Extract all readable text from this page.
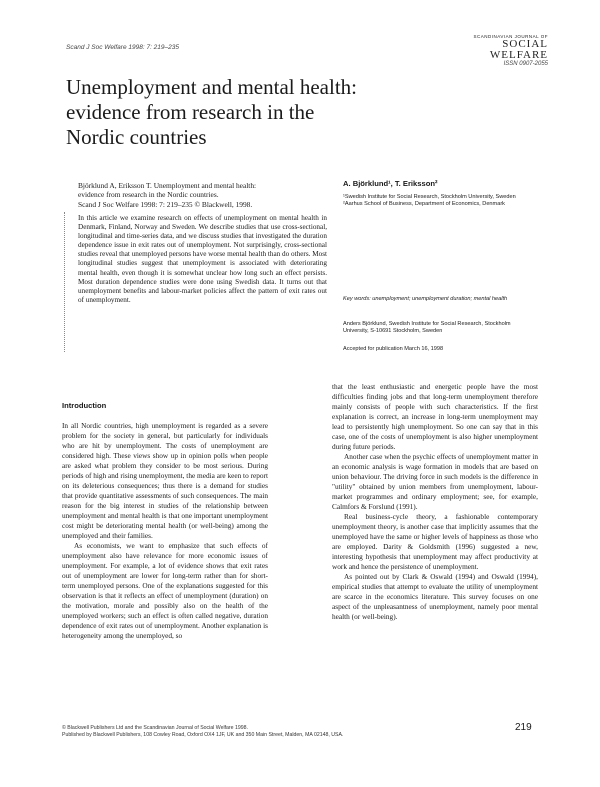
Scand J Soc Welfare 1998: 7: 219–235
SCANDINAVIAN JOURNAL OF
SOCIAL
WELFARE
ISSN 0907-2055
Unemployment and mental health:
evidence from research in the
Nordic countries
Björklund A, Eriksson T. Unemployment and mental health:
evidence from research in the Nordic countries.
Scand J Soc Welfare 1998: 7: 219–235 © Blackwell, 1998.
In this article we examine research on effects of unemployment on mental health in Denmark, Finland, Norway and Sweden. We describe studies that use cross-sectional, longitudinal and time-series data, and we discuss studies that investigated the duration dependence issue in exit rates out of unemployment. Not surprisingly, cross-sectional studies reveal that unemployed persons have worse mental health than do others. Most longitudinal studies suggest that unemployment is associated with deteriorating mental health, even though it is somewhat unclear how long such an effect persists. Most duration dependence studies were done using Swedish data. It turns out that unemployment benefits and labour-market policies affect the pattern of exit rates out of unemployment.
A. Björklund¹, T. Eriksson²
¹Swedish Institute for Social Research, Stockholm University, Sweden ²Aarhus School of Business, Department of Economics, Denmark
Key words: unemployment; unemployment duration; mental health
Anders Björklund, Swedish Institute for Social Research, Stockholm University, S-10691 Stockholm, Sweden
Accepted for publication March 16, 1998
Introduction

In all Nordic countries, high unemployment is regarded as a severe problem for the society in general, but particularly for individuals who are hit by unemployment. The costs of unemployment are considered high. These views show up in opinion polls when people are asked what problem they consider to be most serious. During periods of high and rising unemployment, the media are keen to report on its deleterious consequences; thus there is a demand for studies that provide quantitative assessments of such consequences. The main reason for the big interest in studies of the relationship between unemployment and mental health is that one important unemployment cost might be deteriorating mental health (or well-being) among the unemployed and their families.

As economists, we want to emphasize that such effects of unemployment also have relevance for more economic issues of unemployment. For example, a lot of evidence shows that exit rates out of unemployment are lower for long-term rather than for short-term unemployed persons. One of the explanations suggested for this observation is that it reflects an effect of unemployment (duration) on the motivation, morale and possibly also on the health of the unemployed workers; such an effect is often called negative, duration dependence of exit rates out of unemployment. Another explanation is heterogeneity among the unemployed, so

that the least enthusiastic and energetic people have the most difficulties finding jobs and that long-term unemployment therefore mainly consists of people with such characteristics. If the first explanation is correct, an increase in long-term unemployment may lead to persistently high unemployment. So one can say that in this case, one of the costs of unemployment is also higher unemployment during future periods.

Another case when the psychic effects of unemployment matter in an economic analysis is wage formation in models that are based on union behaviour. The driving force in such models is the difference in "utility" obtained by union members from unemployment, labour-market programmes and ordinary employment; see, for example, Calmfors & Forslund (1991).

Real business-cycle theory, a fashionable contemporary unemployment theory, is another case that implicitly assumes that the unemployed have the same or higher levels of happiness as those who are employed. Darity & Goldsmith (1996) suggested a new, interesting hypothesis that unemployment may affect productivity at work and hence the persistence of unemployment.

As pointed out by Clark & Oswald (1994) and Oswald (1994), empirical studies that attempt to evaluate the utility of unemployment are scarce in the economics literature. This survey focuses on one aspect of the unpleasantness of unemployment, namely poor mental health (or well-being).

© Blackwell Publishers Ltd and the Scandinavian Journal of Social Welfare 1998.
Published by Blackwell Publishers, 108 Cowley Road, Oxford OX4 1JF, UK and 350 Main Street, Malden, MA 02148, USA.
219
